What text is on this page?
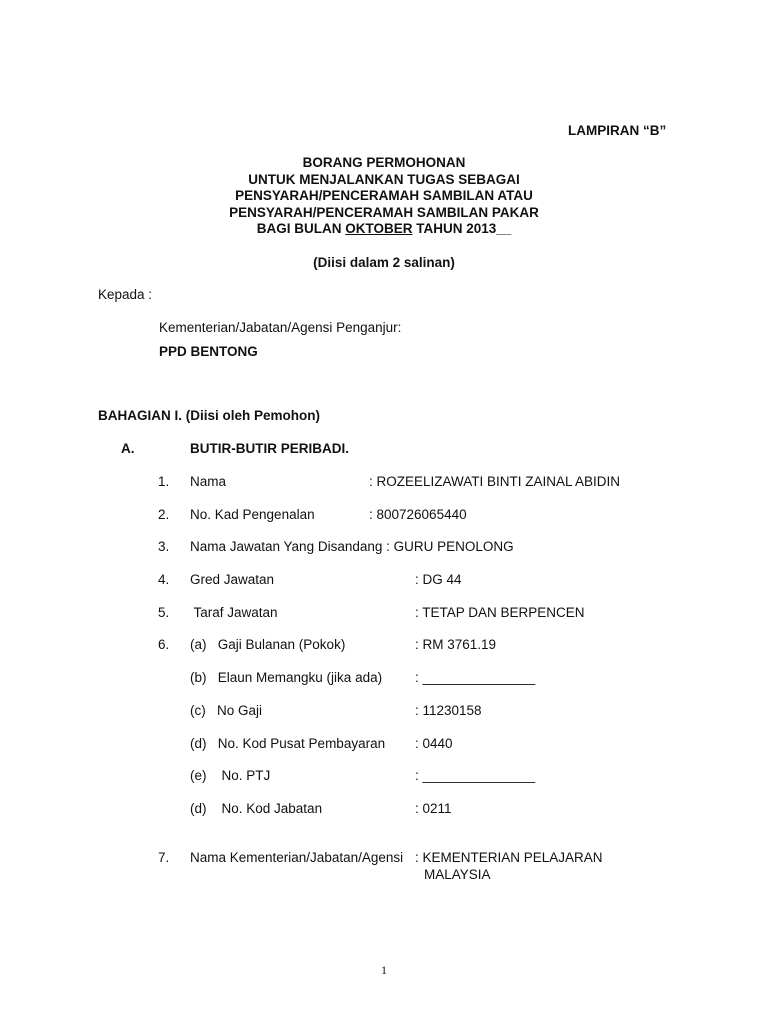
LAMPIRAN “B”
BORANG PERMOHONAN
UNTUK MENJALANKAN TUGAS SEBAGAI
PENSYARAH/PENCERAMAH SAMBILAN ATAU
PENSYARAH/PENCERAMAH SAMBILAN PAKAR
BAGI BULAN OKTOBER TAHUN 2013__
(Diisi dalam 2 salinan)
Kepada :
Kementerian/Jabatan/Agensi Penganjur:
PPD BENTONG
BAHAGIAN I. (Diisi oleh Pemohon)
A.	BUTIR-BUTIR PERIBADI.
1. Nama	: ROZEELIZAWATI BINTI ZAINAL ABIDIN
2. No. Kad Pengenalan	: 800726065440
3. Nama Jawatan Yang Disandang : GURU PENOLONG
4. Gred Jawatan	: DG 44
5. Taraf Jawatan	: TETAP DAN BERPENCEN
6. (a)   Gaji Bulanan (Pokok)	: RM 3761.19
(b)   Elaun Memangku (jika ada) : _______________
(c)   No Gaji	: 11230158
(d)   No. Kod Pusat Pembayaran : 0440
(e)    No. PTJ	: _______________
(d)    No. Kod Jabatan	: 0211
7. Nama Kementerian/Jabatan/Agensi : KEMENTERIAN PELAJARAN
MALAYSIA
1
